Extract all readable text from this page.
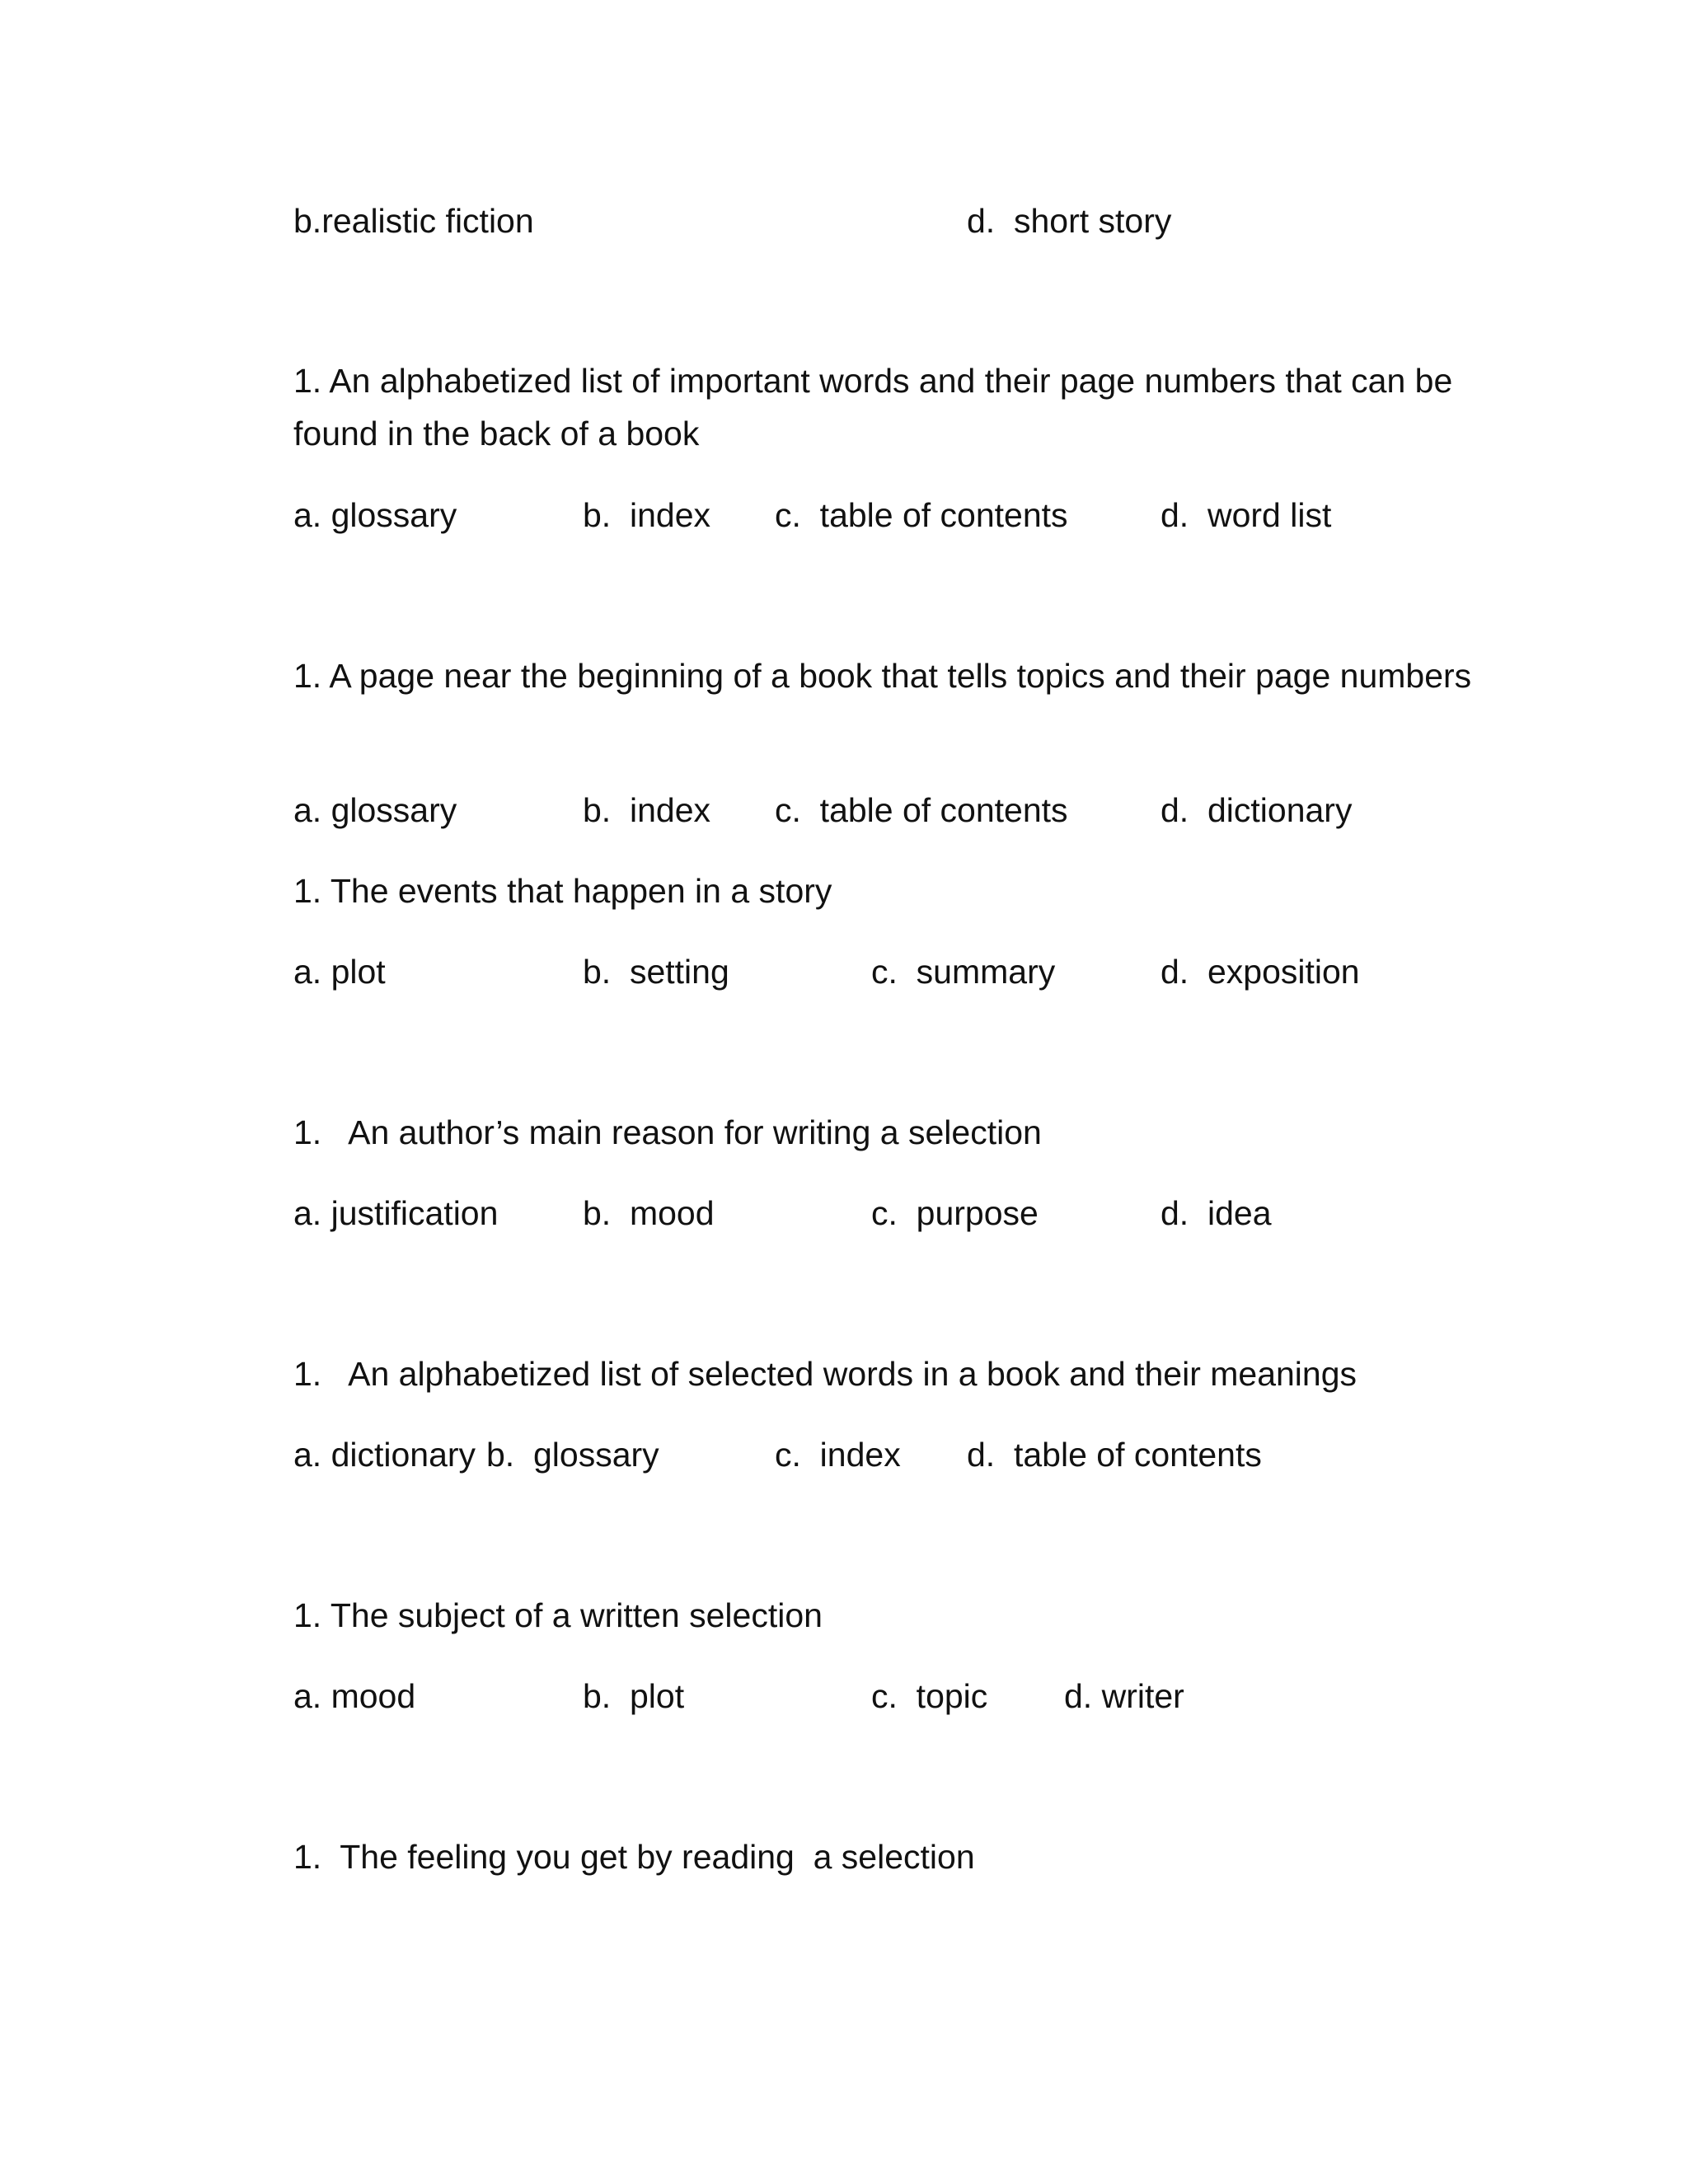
b.realistic fiction	d.  short story
1. An alphabetized list of important words and their page numbers that can be found in the back of a book
a. glossary	b.  index c.  table of contents	d.  word list
1. A page near the beginning of a book that tells topics and their page numbers
a. glossary	b.  index c.  table of contents	d.  dictionary
1. The events that happen in a story
a. plot	b.  setting	c.  summary	d.  exposition
1.   An author’s main reason for writing a selection
a. justification	b.  mood	c.  purpose	d.  idea
1.   An alphabetized list of selected words in a book and their meanings
a. dictionary b.  glossary	c.  index d.  table of contents
1. The subject of a written selection
a. mood	b.  plot	c.  topic d. writer
1.  The feeling you get by reading  a selection
